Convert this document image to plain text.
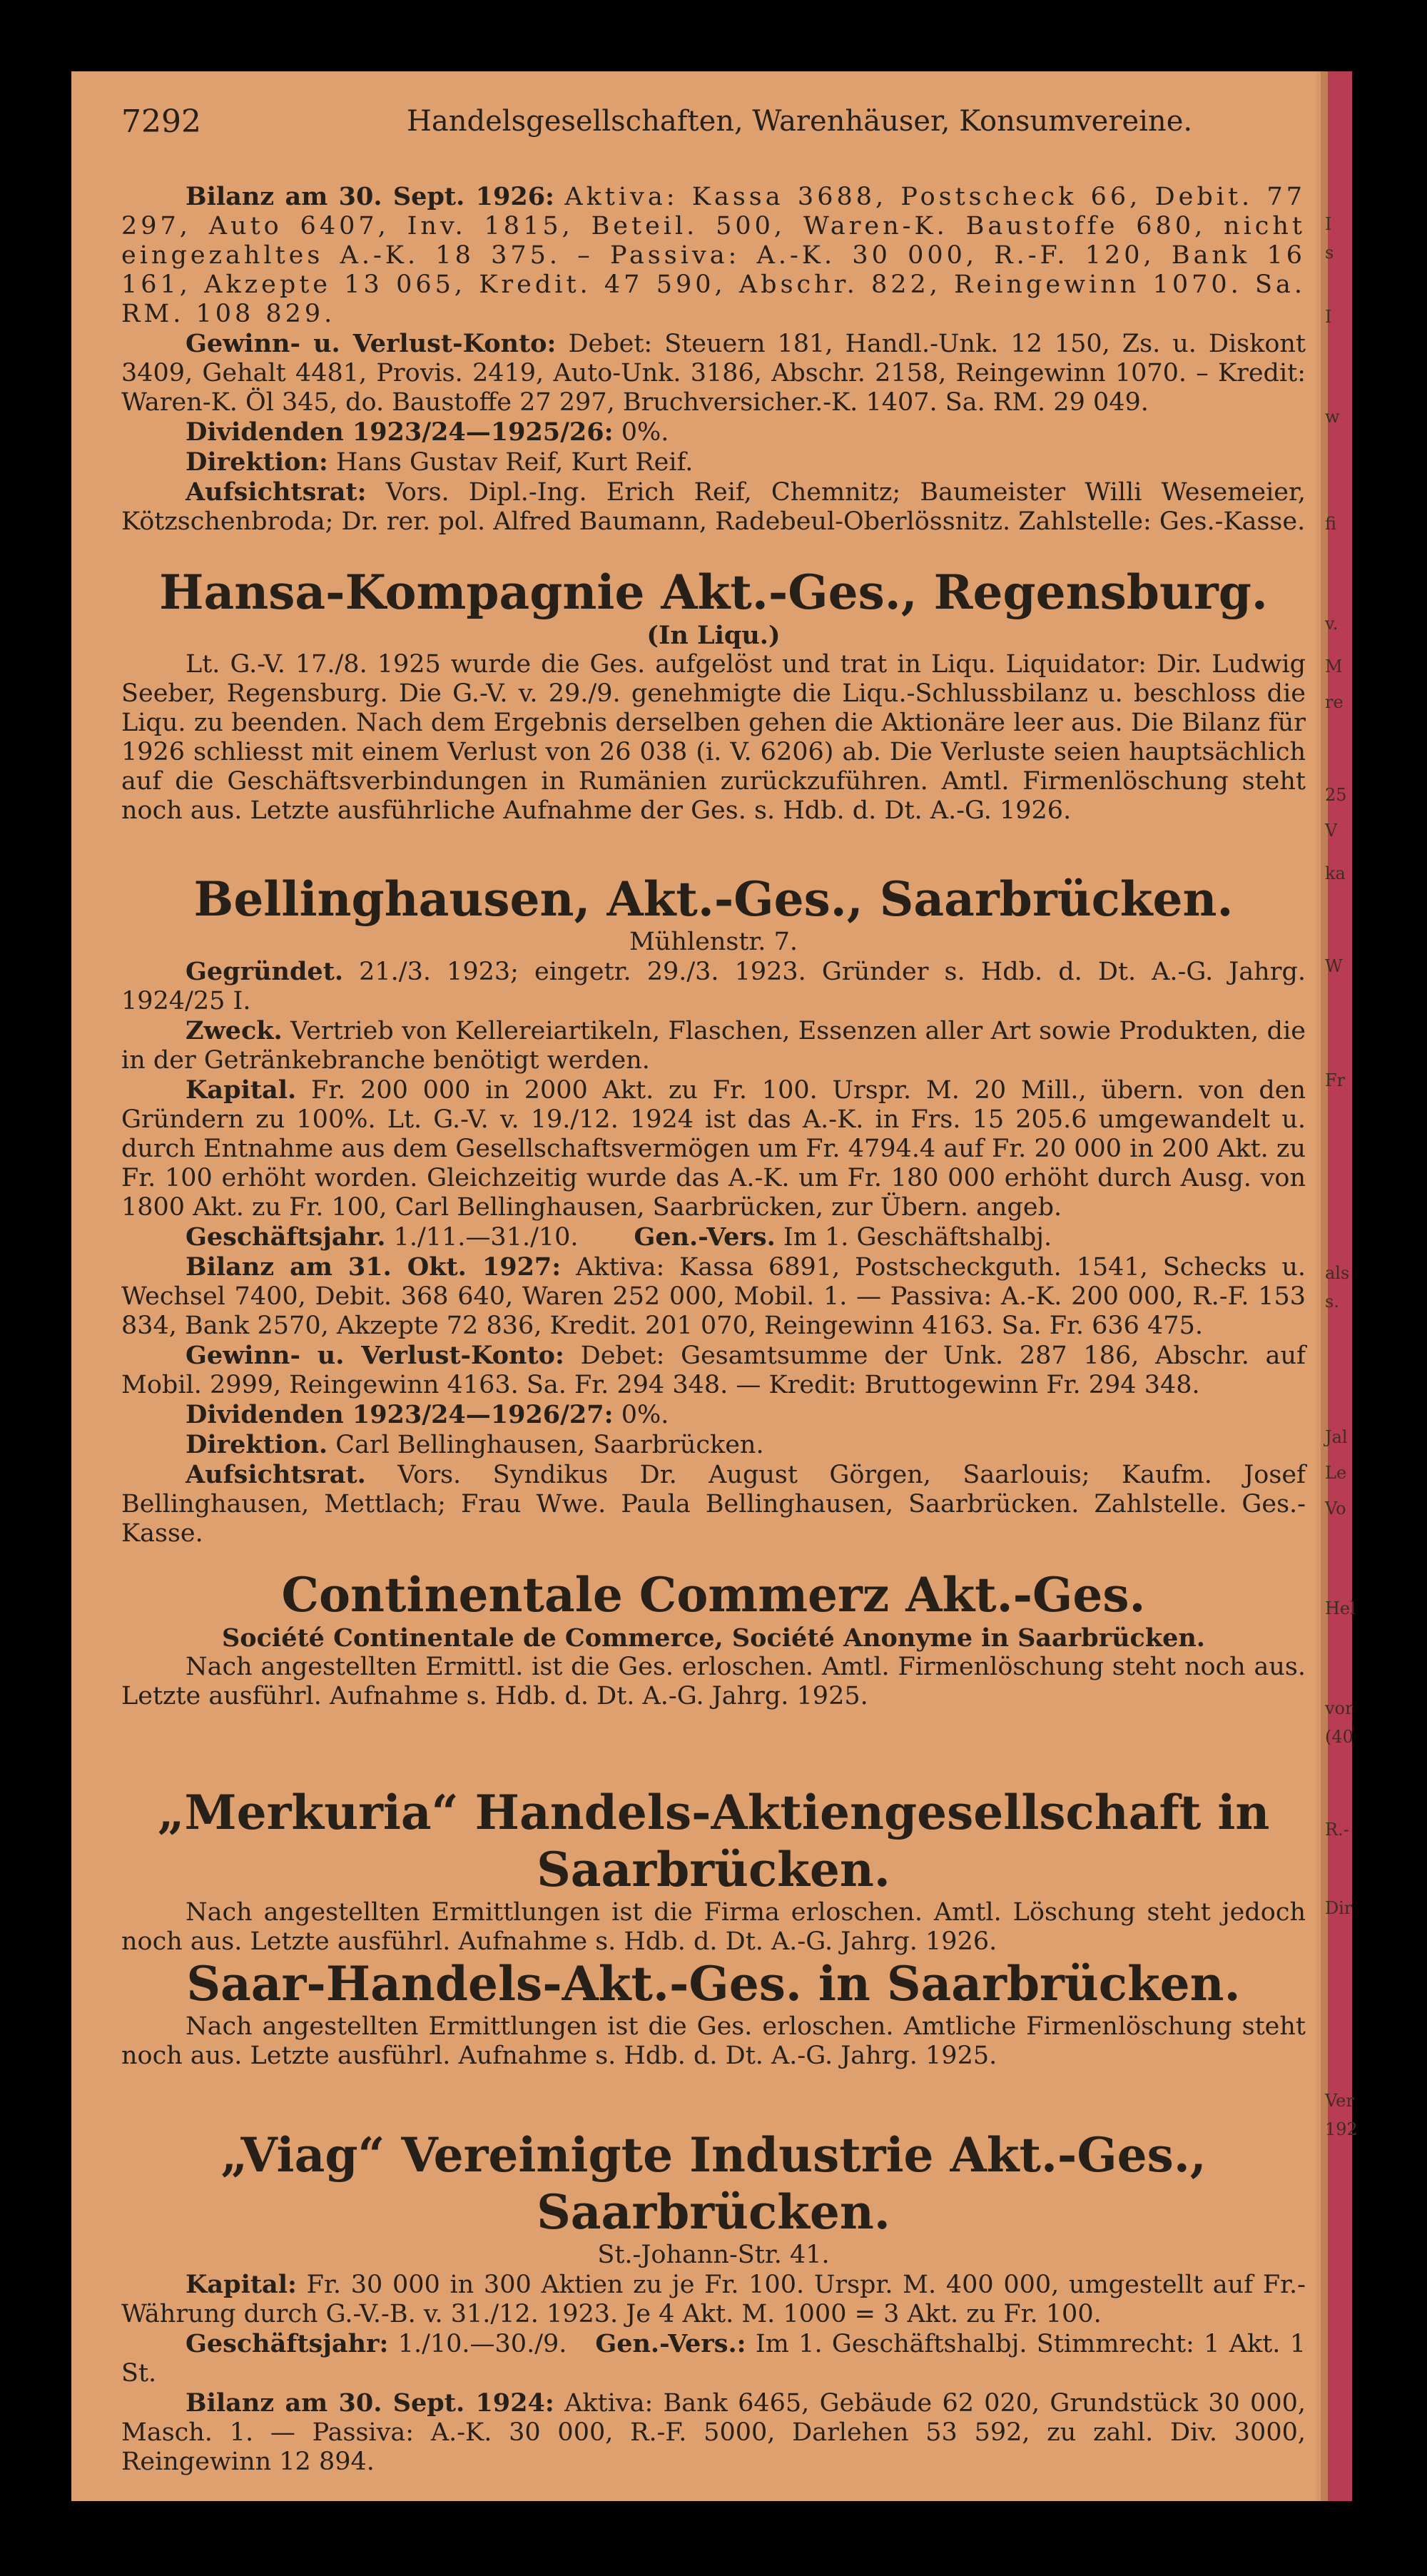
7292	Handelsgesellschaften, Warenhäuser, Konsumvereine.
Bilanz am 30. Sept. 1926: Aktiva: Kassa 3688, Postscheck 66, Debit. 77 297, Auto 6407, Inv. 1815, Beteil. 500, Waren-K. Baustoffe 680, nicht eingezahltes A.-K. 18 375. – Passiva: A.-K. 30 000, R.-F. 120, Bank 16 161, Akzepte 13 065, Kredit. 47 590, Abschr. 822, Reingewinn 1070. Sa. RM. 108 829.
Gewinn- u. Verlust-Konto: Debet: Steuern 181, Handl.-Unk. 12 150, Zs. u. Diskont 3409, Gehalt 4481, Provis. 2419, Auto-Unk. 3186, Abschr. 2158, Reingewinn 1070. – Kredit: Waren-K. Öl 345, do. Baustoffe 27 297, Bruchversicher.-K. 1407. Sa. RM. 29 049.
Dividenden 1923/24—1925/26: 0%.
Direktion: Hans Gustav Reif, Kurt Reif.
Aufsichtsrat: Vors. Dipl.-Ing. Erich Reif, Chemnitz; Baumeister Willi Wesemeier, Kötzschenbroda; Dr. rer. pol. Alfred Baumann, Radebeul-Oberlössnitz. Zahlstelle: Ges.-Kasse.
Hansa-Kompagnie Akt.-Ges., Regensburg.
(In Liqu.)
Lt. G.-V. 17./8. 1925 wurde die Ges. aufgelöst und trat in Liqu. Liquidator: Dir. Ludwig Seeber, Regensburg. Die G.-V. v. 29./9. genehmigte die Liqu.-Schlussbilanz u. beschloss die Liqu. zu beenden. Nach dem Ergebnis derselben gehen die Aktionäre leer aus. Die Bilanz für 1926 schliesst mit einem Verlust von 26 038 (i. V. 6206) ab. Die Verluste seien hauptsächlich auf die Geschäftsverbindungen in Rumänien zurückzuführen. Amtl. Firmenlöschung steht noch aus. Letzte ausführliche Aufnahme der Ges. s. Hdb. d. Dt. A.-G. 1926.
Bellinghausen, Akt.-Ges., Saarbrücken.
Mühlenstr. 7.
Gegründet. 21./3. 1923; eingetr. 29./3. 1923. Gründer s. Hdb. d. Dt. A.-G. Jahrg. 1924/25 I.
Zweck. Vertrieb von Kellereiartikeln, Flaschen, Essenzen aller Art sowie Produkten, die in der Getränkebranche benötigt werden.
Kapital. Fr. 200 000 in 2000 Akt. zu Fr. 100. Urspr. M. 20 Mill., übern. von den Gründern zu 100%. Lt. G.-V. v. 19./12. 1924 ist das A.-K. in Frs. 15 205.6 umgewandelt u. durch Entnahme aus dem Gesellschaftsvermögen um Fr. 4794.4 auf Fr. 20 000 in 200 Akt. zu Fr. 100 erhöht worden. Gleichzeitig wurde das A.-K. um Fr. 180 000 erhöht durch Ausg. von 1800 Akt. zu Fr. 100, Carl Bellinghausen, Saarbrücken, zur Übern. angeb.
Geschäftsjahr. 1./11.—31./10. Gen.-Vers. Im 1. Geschäftshalbj.
Bilanz am 31. Okt. 1927: Aktiva: Kassa 6891, Postscheckguth. 1541, Schecks u. Wechsel 7400, Debit. 368 640, Waren 252 000, Mobil. 1. — Passiva: A.-K. 200 000, R.-F. 153 834, Bank 2570, Akzepte 72 836, Kredit. 201 070, Reingewinn 4163. Sa. Fr. 636 475.
Gewinn- u. Verlust-Konto: Debet: Gesamtsumme der Unk. 287 186, Abschr. auf Mobil. 2999, Reingewinn 4163. Sa. Fr. 294 348. — Kredit: Bruttogewinn Fr. 294 348.
Dividenden 1923/24—1926/27: 0%.
Direktion. Carl Bellinghausen, Saarbrücken.
Aufsichtsrat. Vors. Syndikus Dr. August Görgen, Saarlouis; Kaufm. Josef Bellinghausen, Mettlach; Frau Wwe. Paula Bellinghausen, Saarbrücken. Zahlstelle. Ges.-Kasse.
Continentale Commerz Akt.-Ges.
Société Continentale de Commerce, Société Anonyme in Saarbrücken.
Nach angestellten Ermittl. ist die Ges. erloschen. Amtl. Firmenlöschung steht noch aus. Letzte ausführl. Aufnahme s. Hdb. d. Dt. A.-G. Jahrg. 1925.
„Merkuria“ Handels-Aktiengesellschaft in Saarbrücken.
Nach angestellten Ermittlungen ist die Firma erloschen. Amtl. Löschung steht jedoch noch aus. Letzte ausführl. Aufnahme s. Hdb. d. Dt. A.-G. Jahrg. 1926.
Saar-Handels-Akt.-Ges. in Saarbrücken.
Nach angestellten Ermittlungen ist die Ges. erloschen. Amtliche Firmenlöschung steht noch aus. Letzte ausführl. Aufnahme s. Hdb. d. Dt. A.-G. Jahrg. 1925.
„Viag“ Vereinigte Industrie Akt.-Ges., Saarbrücken.
St.-Johann-Str. 41.
Kapital: Fr. 30 000 in 300 Aktien zu je Fr. 100. Urspr. M. 400 000, umgestellt auf Fr.-Währung durch G.-V.-B. v. 31./12. 1923. Je 4 Akt. M. 1000 = 3 Akt. zu Fr. 100.
Geschäftsjahr: 1./10.—30./9. Gen.-Vers.: Im 1. Geschäftshalbj. Stimmrecht: 1 Akt. 1 St.
Bilanz am 30. Sept. 1924: Aktiva: Bank 6465, Gebäude 62 020, Grundstück 30 000, Masch. 1. — Passiva: A.-K. 30 000, R.-F. 5000, Darlehen 53 592, zu zahl. Div. 3000, Reingewinn 12 894.
I
s
I
w
fi
v.
M
re
25
V
ka
W
Fr
als
s.
Jal
Le
Vo
Hel
vor
(40
R.-
Dir
Ver
192
